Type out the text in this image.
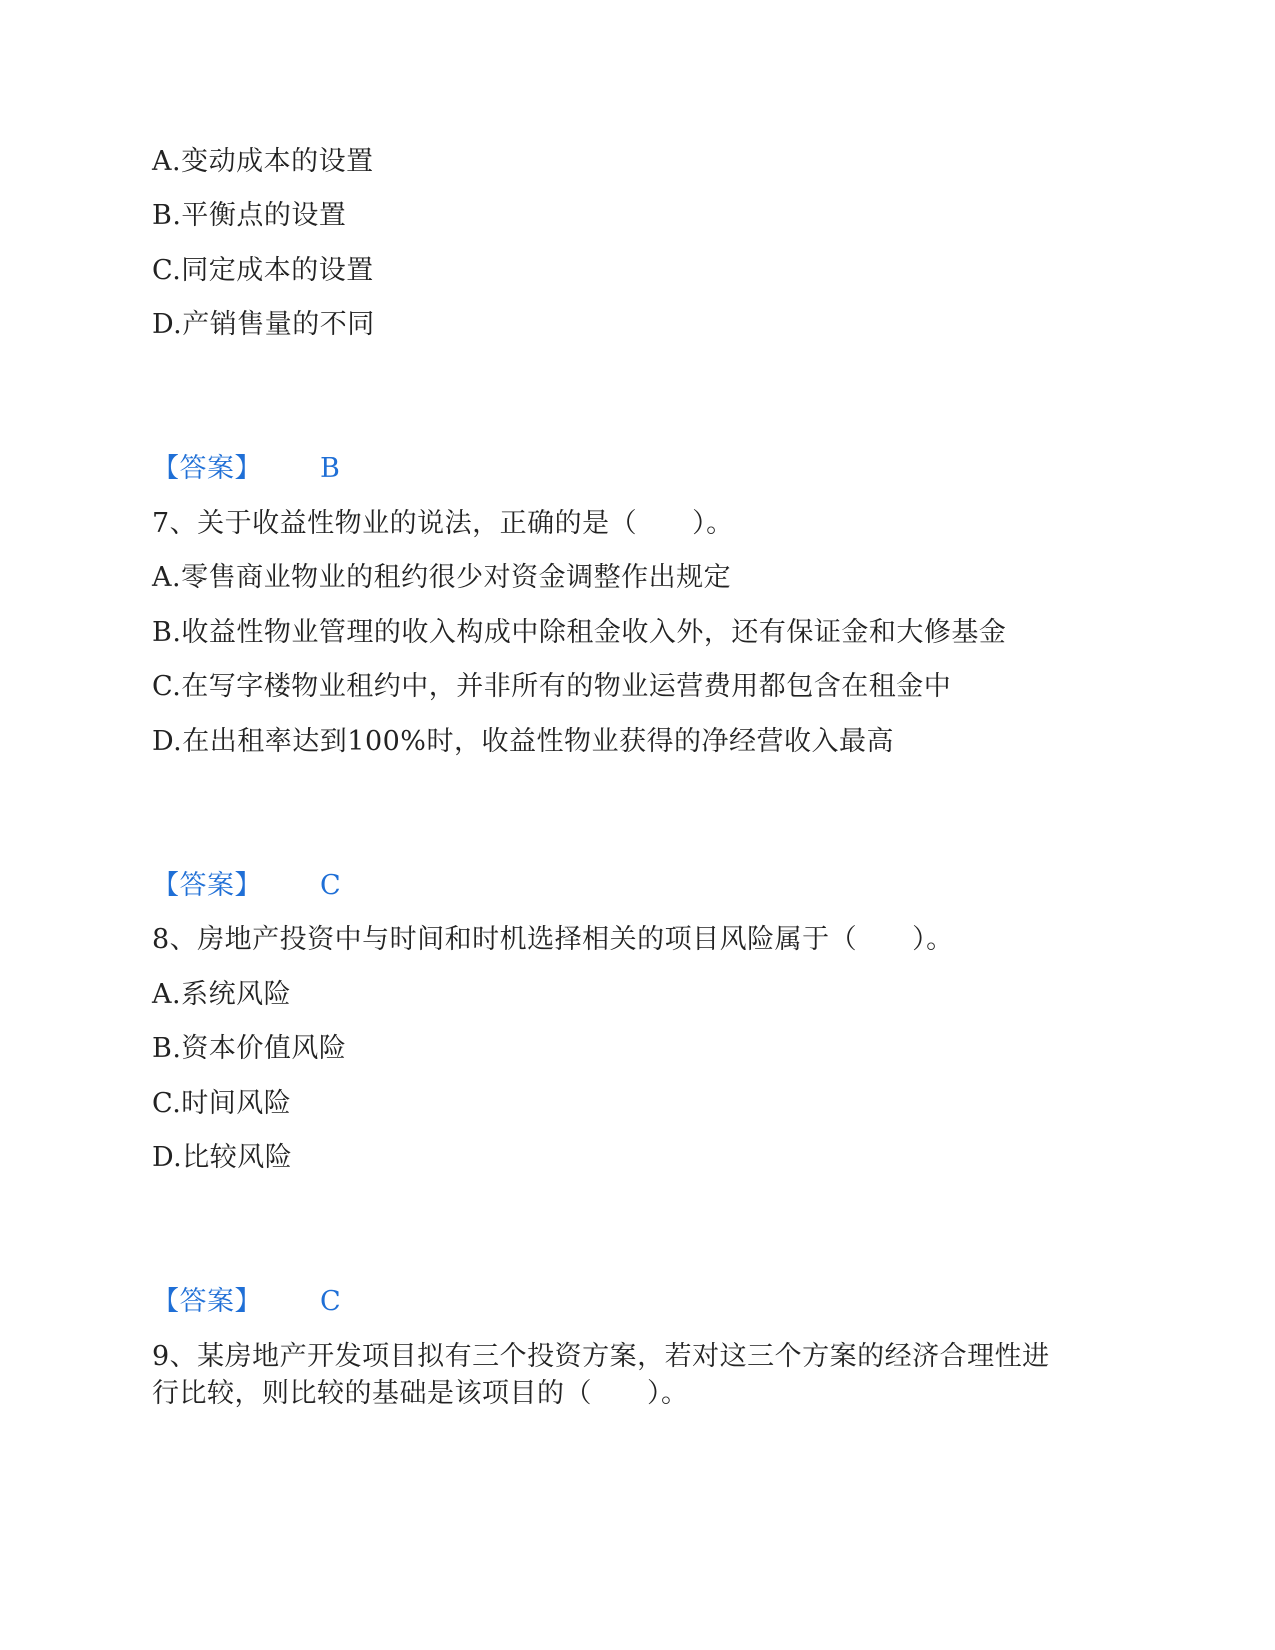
A.变动成本的设置
B.平衡点的设置
C.同定成本的设置
D.产销售量的不同
【答案】 B
7、关于收益性物业的说法，正确的是（　　）。
A.零售商业物业的租约很少对资金调整作出规定
B.收益性物业管理的收入构成中除租金收入外，还有保证金和大修基金
C.在写字楼物业租约中，并非所有的物业运营费用都包含在租金中
D.在出租率达到100%时，收益性物业获得的净经营收入最高
【答案】 C
8、房地产投资中与时间和时机选择相关的项目风险属于（　　）。
A.系统风险
B.资本价值风险
C.时间风险
D.比较风险
【答案】 C
9、某房地产开发项目拟有三个投资方案，若对这三个方案的经济合理性进
行比较，则比较的基础是该项目的（　　）。
